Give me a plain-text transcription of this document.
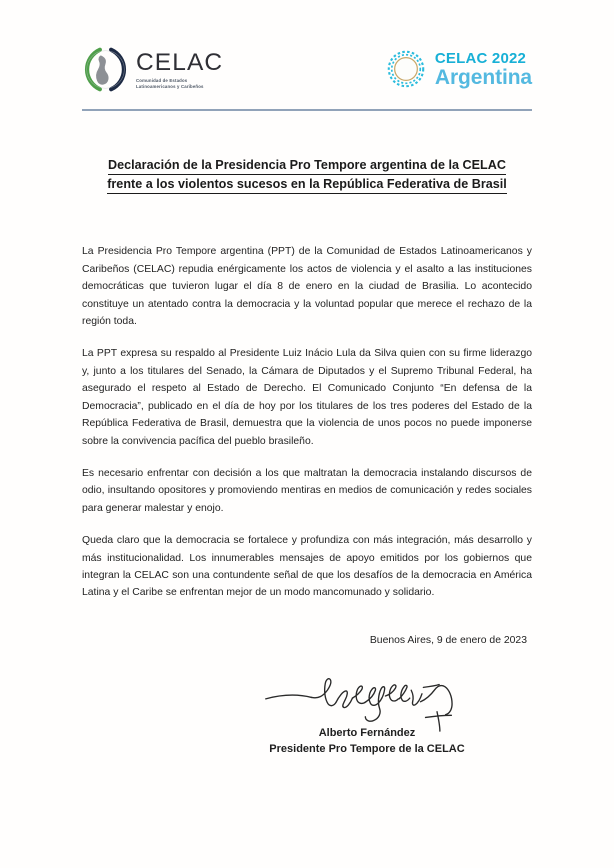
CELAC
Comunidad de Estados Latinoamericanos y Caribeños
CELAC 2022
Argentina
Declaración de la Presidencia Pro Tempore argentina de la CELAC
frente a los violentos sucesos en la República Federativa de Brasil

La Presidencia Pro Tempore argentina (PPT) de la Comunidad de Estados Latinoamericanos y Caribeños (CELAC) repudia enérgicamente los actos de violencia y el asalto a las instituciones democráticas que tuvieron lugar el día 8 de enero en la ciudad de Brasilia. Lo acontecido constituye un atentado contra la democracia y la voluntad popular que merece el rechazo de la región toda.

La PPT expresa su respaldo al Presidente Luiz Inácio Lula da Silva quien con su firme liderazgo y, junto a los titulares del Senado, la Cámara de Diputados y el Supremo Tribunal Federal, ha asegurado el respeto al Estado de Derecho. El Comunicado Conjunto “En defensa de la Democracia”, publicado en el día de hoy por los titulares de los tres poderes del Estado de la República Federativa de Brasil, demuestra que la violencia de unos pocos no puede imponerse sobre la convivencia pacífica del pueblo brasileño.

Es necesario enfrentar con decisión a los que maltratan la democracia instalando discursos de odio, insultando opositores y promoviendo mentiras en medios de comunicación y redes sociales para generar malestar y enojo.

Queda claro que la democracia se fortalece y profundiza con más integración, más desarrollo y más institucionalidad. Los innumerables mensajes de apoyo emitidos por los gobiernos que integran la CELAC son una contundente señal de que los desafíos de la democracia en América Latina y el Caribe se enfrentan mejor de un modo mancomunado y solidario.

Buenos Aires, 9 de enero de 2023
Alberto Fernández
Presidente Pro Tempore de la CELAC
